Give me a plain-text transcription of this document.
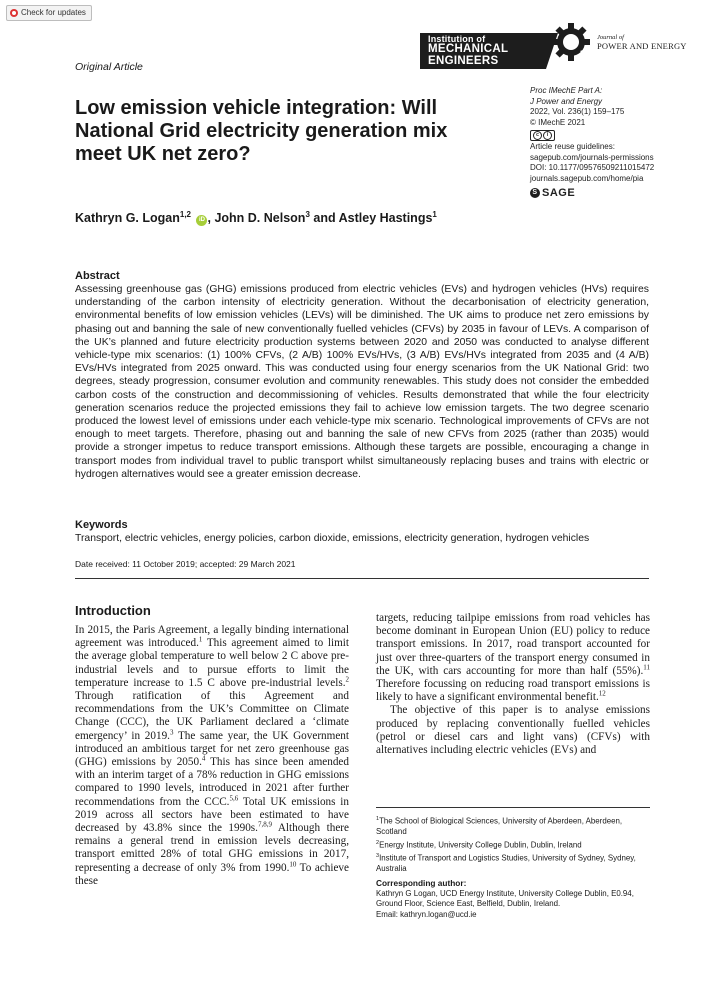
Check for updates
Original Article
Institution of
MECHANICAL
ENGINEERS
Journal of
POWER AND ENERGY
Low emission vehicle integration: Will National Grid electricity generation mix meet UK net zero?
Proc IMechE Part A:
J Power and Energy
2022, Vol. 236(1) 159–175
© IMechE 2021
c	i
Article reuse guidelines:
sagepub.com/journals-permissions
DOI: 10.1177/09576509211015472
journals.sagepub.com/home/pia
S SAGE
Kathryn G. Logan$^{1,2}$ iD , John D. Nelson$^3$ and Astley Hastings$^1$
Abstract
Assessing greenhouse gas (GHG) emissions produced from electric vehicles (EVs) and hydrogen vehicles (HVs) requires understanding of the carbon intensity of electricity generation. Without the decarbonisation of electricity generation, environmental benefits of low emission vehicles (LEVs) will be diminished. The UK aims to produce net zero emissions by phasing out and banning the sale of new conventionally fuelled vehicles (CFVs) by 2035 in favour of LEVs. A comparison of the UK’s planned and future electricity production systems between 2020 and 2050 was conducted to analyse different vehicle-type mix scenarios: (1) 100% CFVs, (2 A/B) 100% EVs/HVs, (3 A/B) EVs/HVs integrated from 2035 and (4 A/B) EVs/HVs integrated from 2025 onward. This was conducted using four energy scenarios from the UK National Grid: two degrees, steady progression, consumer evolution and community renewables. This study does not consider the embedded carbon costs of the construction and decommissioning of vehicles. Results demonstrated that while the four electricity generation scenarios reduce the projected emissions they fail to achieve low emission targets. The two degree scenario produced the lowest level of emissions under each vehicle-type mix scenario. Technological improvements of CFVs are not enough to meet targets. Therefore, phasing out and banning the sale of new CFVs from 2025 (rather than 2035) would provide a stronger impetus to reduce transport emissions. Although these targets are possible, encouraging a change in transport modes from individual travel to public transport whilst simultaneously replacing buses and trains with electric or hydrogen alternatives would see a greater emission decrease.
Keywords
Transport, electric vehicles, energy policies, carbon dioxide, emissions, electricity generation, hydrogen vehicles
Date received: 11 October 2019; accepted: 29 March 2021
Introduction

In 2015, the Paris Agreement, a legally binding international agreement was introduced.$^1$ This agreement aimed to limit the average global temperature to well below 2 C above pre-industrial levels and to pursue efforts to limit the temperature increase to 1.5 C above pre-industrial levels.$^2$ Through ratification of this Agreement and recommendations from the UK’s Committee on Climate Change (CCC), the UK Parliament declared a ‘climate emergency’ in 2019.$^3$ The same year, the UK Government introduced an ambitious target for net zero greenhouse gas (GHG) emissions by 2050.$^4$ This has since been amended with an interim target of a 78% reduction in GHG emissions compared to 1990 levels, introduced in 2021 after further recommendations from the CCC.$^{5,6}$ Total UK emissions in 2019 across all sectors have been estimated to have decreased by 43.8% since the 1990s.$^{7,8,9}$ Although there remains a general trend in emission levels decreasing, transport emitted 28% of total GHG emissions in 2017, representing a decrease of only 3% from 1990.10 To achieve these

targets, reducing tailpipe emissions from road vehicles has become dominant in European Union (EU) policy to reduce transport emissions. In 2017, road transport accounted for just over three-quarters of the transport energy consumed in the UK, with cars accounting for more than half (55%).$^{11}$ Therefore focussing on reducing road transport emissions is likely to have a significant environmental benefit.$^{12}$

The objective of this paper is to analyse emissions produced by replacing conventionally fuelled vehicles (petrol or diesel cars and light vans) (CFVs) with alternatives including electric vehicles (EVs) and

$^1$The School of Biological Sciences, University of Aberdeen, Aberdeen, Scotland

$^2$Energy Institute, University College Dublin, Dublin, Ireland

$^3$Institute of Transport and Logistics Studies, University of Sydney, Sydney, Australia

Corresponding author:

Kathryn G Logan, UCD Energy Institute, University College Dublin, E0.94, Ground Floor, Science East, Belfield, Dublin, Ireland.

Email: kathryn.logan@ucd.ie
